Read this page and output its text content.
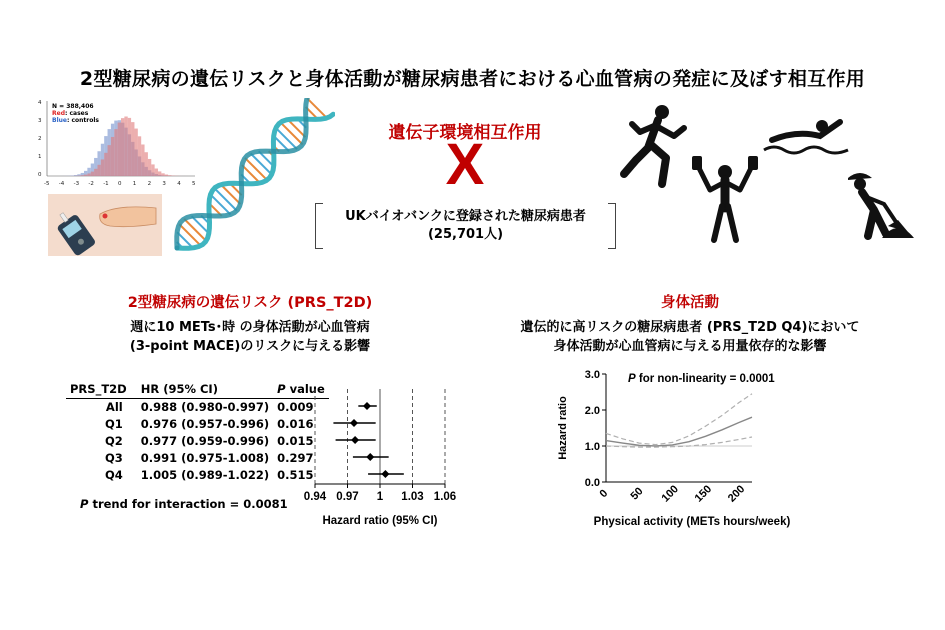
2型糖尿病の遺伝リスクと身体活動が糖尿病患者における心血管病の発症に及ぼす相互作用
4
3
2
1
0
-5 -4 -3 -2 -1 0 1 2 3 4 5
N = 388,406
Red: cases
Blue: controls
遺伝子環境相互作用
X
UKバイオバンクに登録された糖尿病患者
(25,701人)
2型糖尿病の遺伝リスク (PRS_T2D)
週に10 METs･時 の身体活動が心血管病
(3-point MACE)のリスクに与える影響
PRS_T2D	HR (95% CI)	P value
All	0.988 (0.980-0.997)	0.009
Q1	0.976 (0.957-0.996)	0.016
Q2	0.977 (0.959-0.996)	0.015
Q3	0.991 (0.975-1.008)	0.297
Q4	1.005 (0.989-1.022)	0.515
P trend for interaction = 0.0081 0.94 0.97 1 1.03 1.06
Hazard ratio (95% CI)
身体活動
遺伝的に高リスクの糖尿病患者 (PRS_T2D Q4)において
身体活動が心血管病に与える用量依存的な影響
0.0
1.0
2.0
3.0
0 50 100 150 200
P for non-linearity = 0.0001
Hazard ratio
Physical activity (METs hours/week)
